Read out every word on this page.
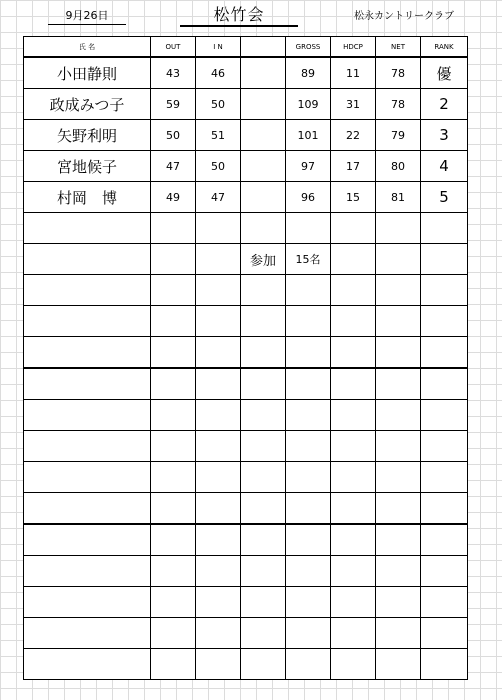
9月26日	松竹会	松永カントリークラブ
氏 名	OUT	I N		GROSS	HDCP	NET	RANK
小田静則	43	46		89	11	78	優
政成みつ子	59	50		109	31	78	2
矢野利明	50	51		101	22	79	3
宮地候子	47	50		97	17	80	4
村岡　博	49	47		96	15	81	5

			参加	15名			
